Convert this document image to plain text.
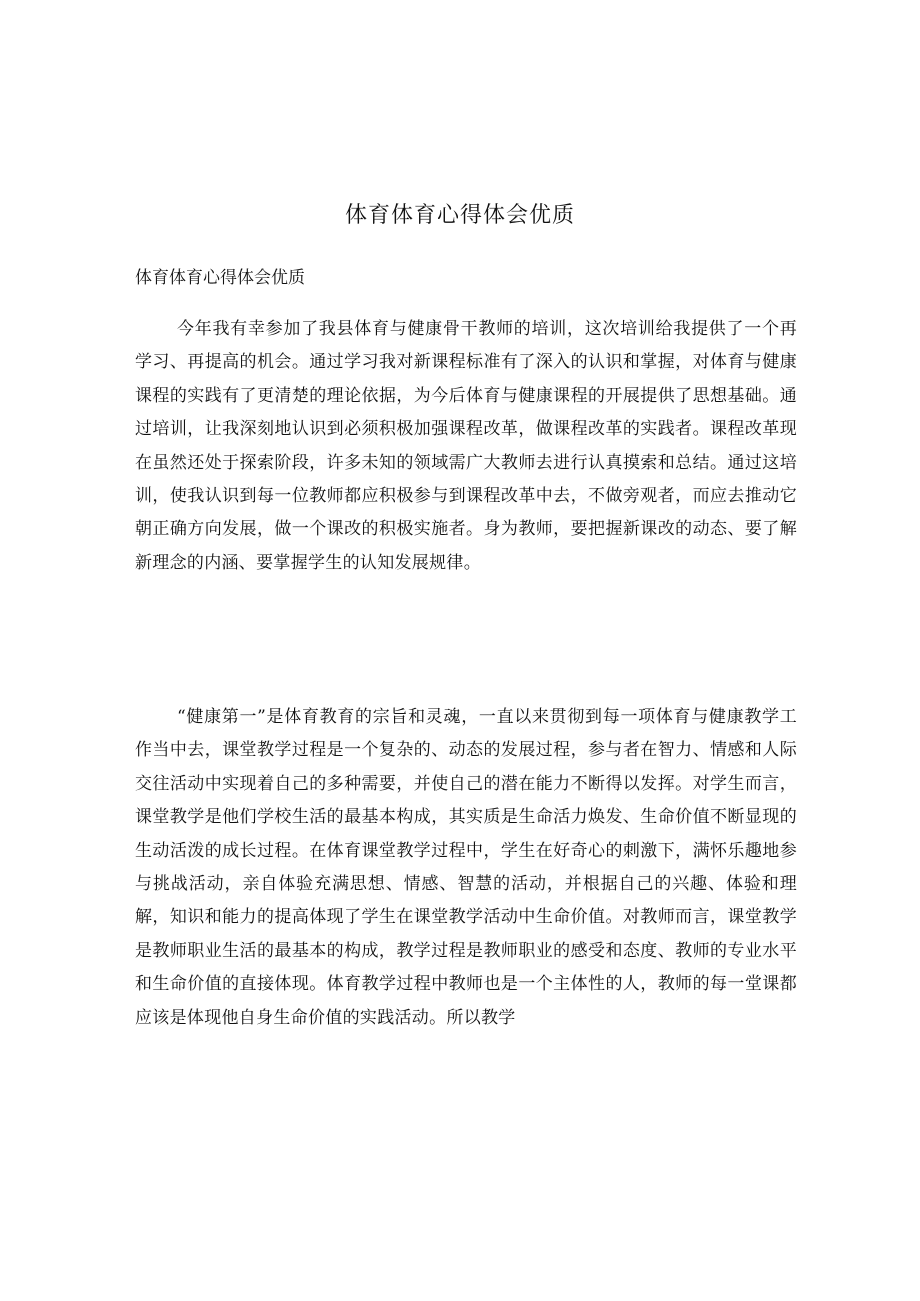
体育体育心得体会优质

体育体育心得体会优质

今年我有幸参加了我县体育与健康骨干教师的培训，这次培训给我提供了一个再学习、再提高的机会。通过学习我对新课程标准有了深入的认识和掌握，对体育与健康课程的实践有了更清楚的理论依据，为今后体育与健康课程的开展提供了思想基础。通过培训，让我深刻地认识到必须积极加强课程改革，做课程改革的实践者。课程改革现在虽然还处于探索阶段，许多未知的领域需广大教师去进行认真摸索和总结。通过这培训，使我认识到每一位教师都应积极参与到课程改革中去，不做旁观者，而应去推动它朝正确方向发展，做一个课改的积极实施者。身为教师，要把握新课改的动态、要了解新理念的内涵、要掌握学生的认知发展规律。

“健康第一”是体育教育的宗旨和灵魂，一直以来贯彻到每一项体育与健康教学工作当中去，课堂教学过程是一个复杂的、动态的发展过程，参与者在智力、情感和人际交往活动中实现着自己的多种需要，并使自己的潜在能力不断得以发挥。对学生而言，课堂教学是他们学校生活的最基本构成，其实质是生命活力焕发、生命价值不断显现的生动活泼的成长过程。在体育课堂教学过程中，学生在好奇心的刺激下，满怀乐趣地参与挑战活动，亲自体验充满思想、情感、智慧的活动，并根据自己的兴趣、体验和理解，知识和能力的提高体现了学生在课堂教学活动中生命价值。对教师而言，课堂教学是教师职业生活的最基本的构成，教学过程是教师职业的感受和态度、教师的专业水平和生命价值的直接体现。体育教学过程中教师也是一个主体性的人，教师的每一堂课都应该是体现他自身生命价值的实践活动。所以教学
